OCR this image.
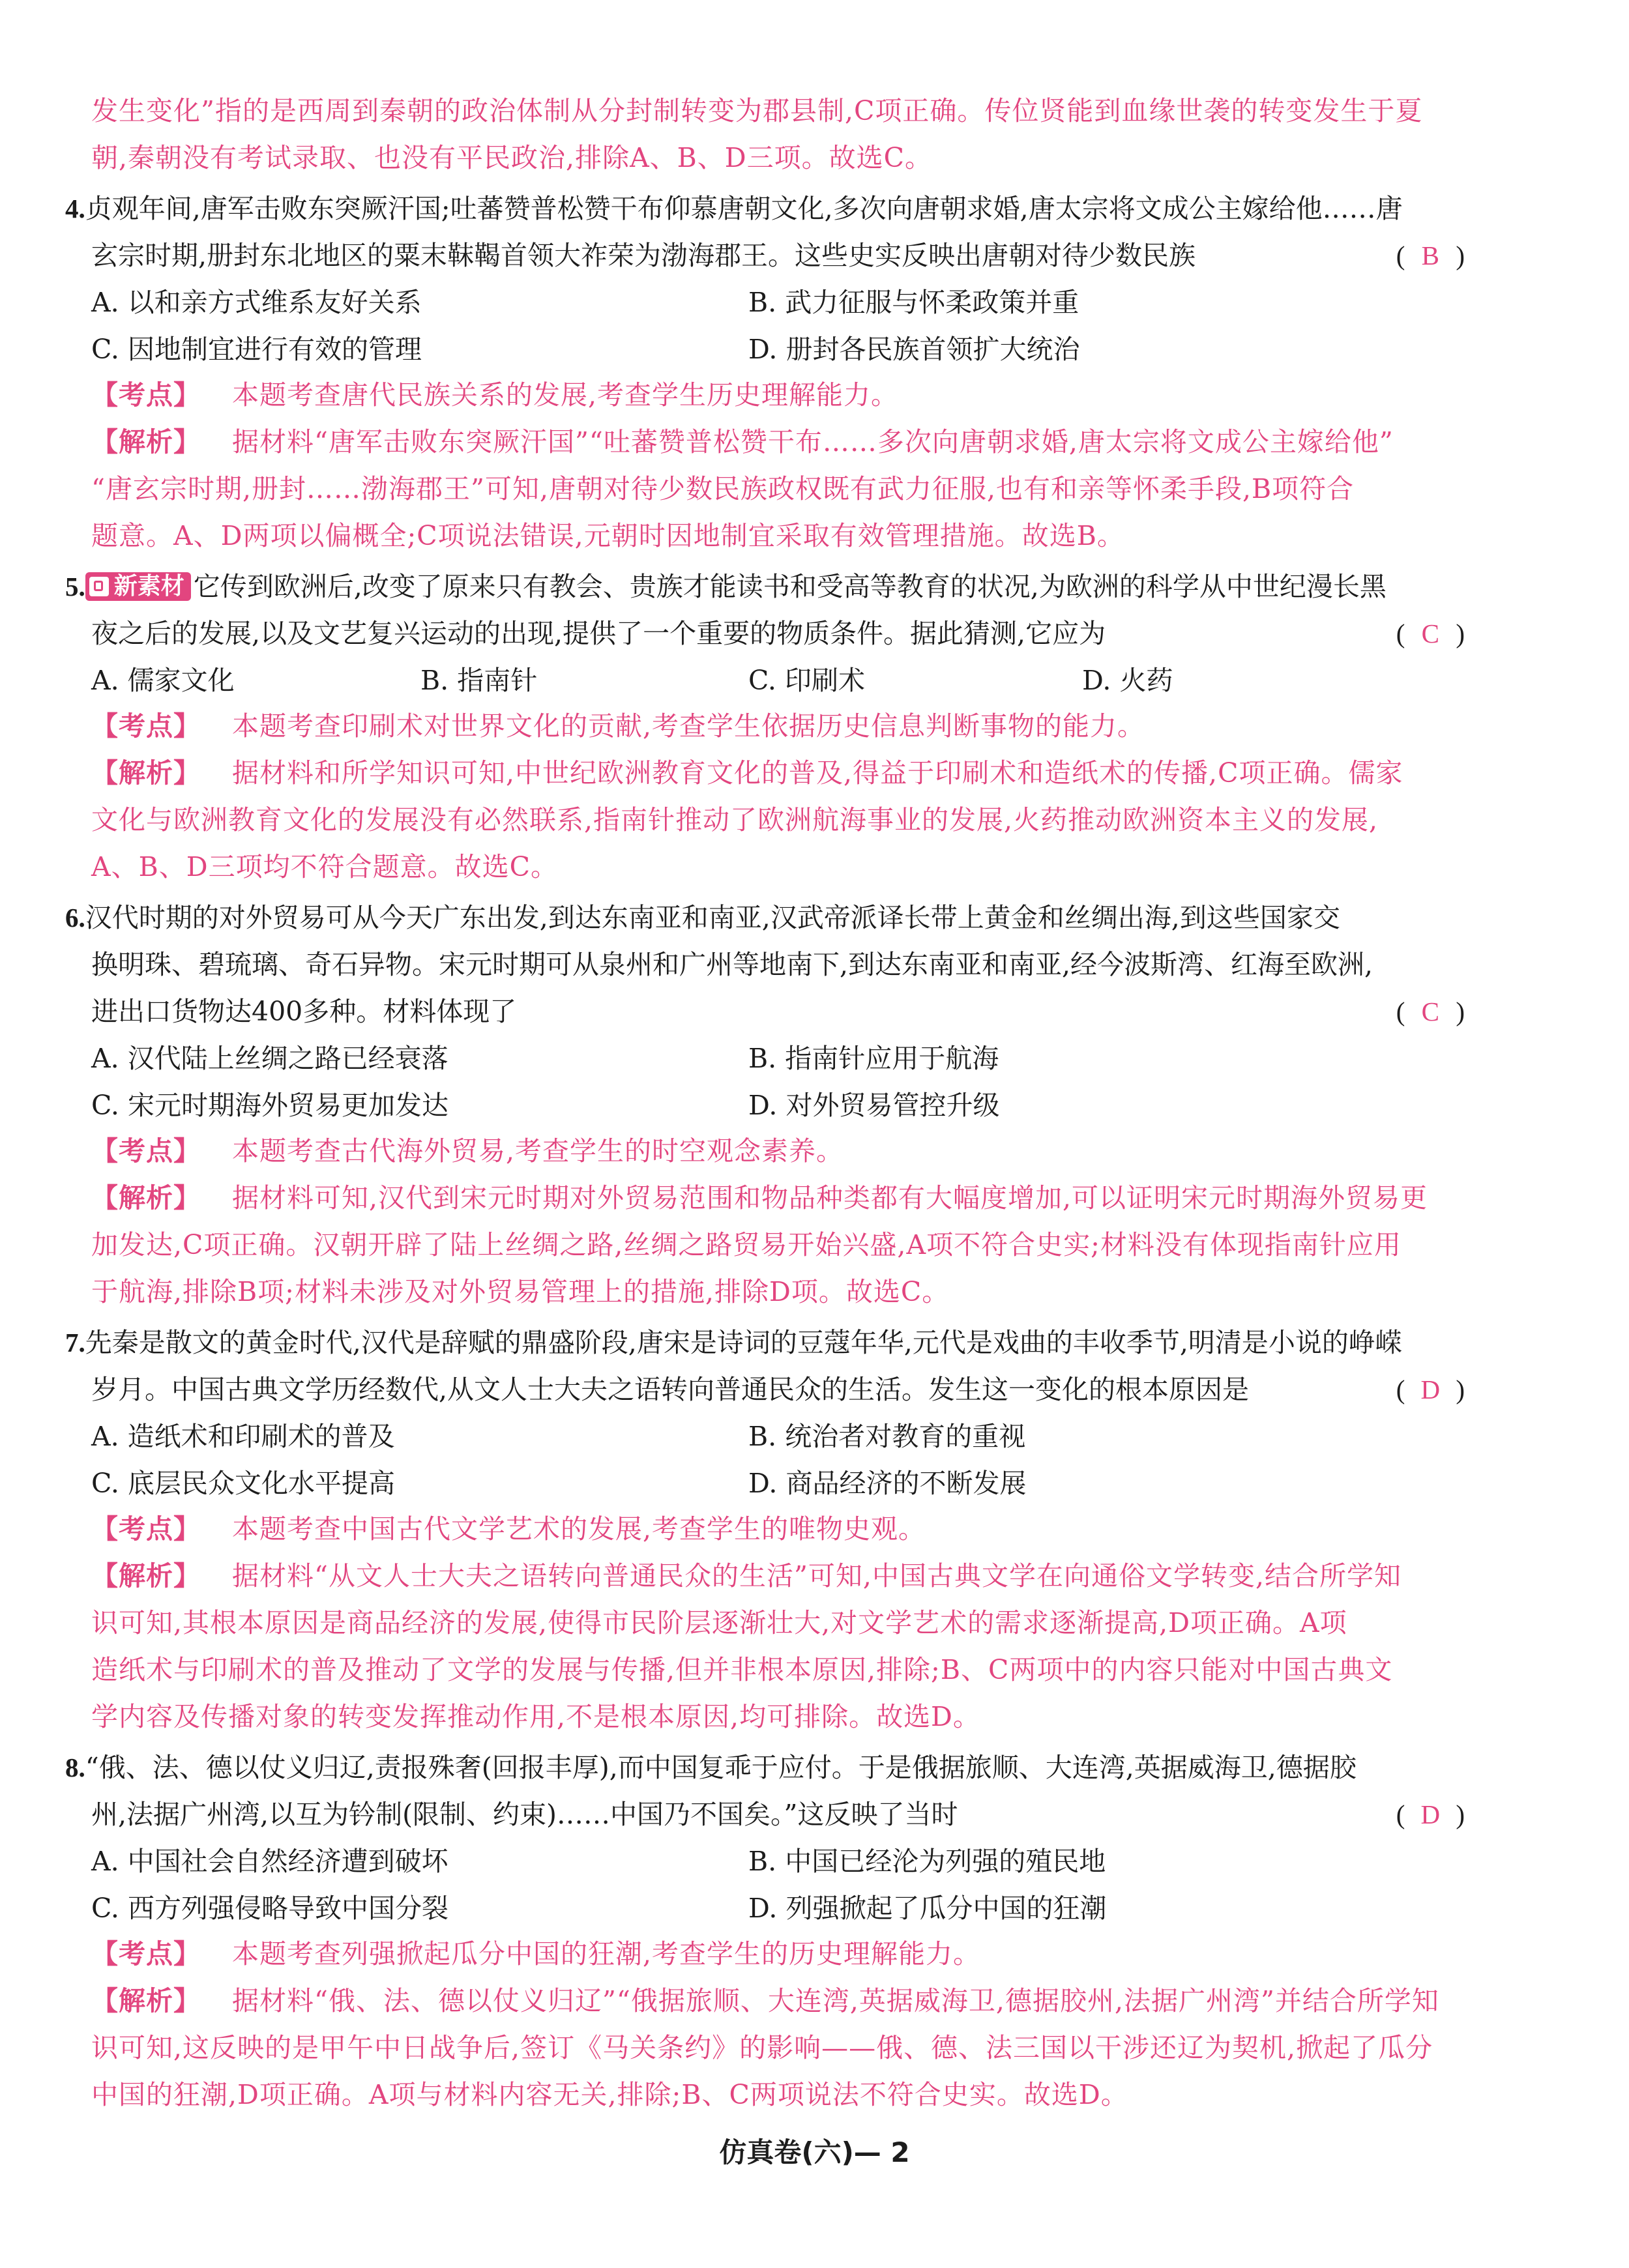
发生变化”指的是西周到秦朝的政治体制从分封制转变为郡县制,C项正确。传位贤能到血缘世袭的转变发生于夏
朝,秦朝没有考试录取、也没有平民政治,排除A、B、D三项。故选C。
4.贞观年间,唐军击败东突厥汗国;吐蕃赞普松赞干布仰慕唐朝文化,多次向唐朝求婚,唐太宗将文成公主嫁给他……唐
玄宗时期,册封东北地区的粟末靺鞨首领大祚荣为渤海郡王。这些史实反映出唐朝对待少数民族	( B )
A. 以和亲方式维系友好关系	B. 武力征服与怀柔政策并重
C. 因地制宜进行有效的管理	D. 册封各民族首领扩大统治
【考点】 本题考查唐代民族关系的发展,考查学生历史理解能力。
【解析】 据材料“唐军击败东突厥汗国”“吐蕃赞普松赞干布……多次向唐朝求婚,唐太宗将文成公主嫁给他”
“唐玄宗时期,册封……渤海郡王”可知,唐朝对待少数民族政权既有武力征服,也有和亲等怀柔手段,B项符合
题意。A、D两项以偏概全;C项说法错误,元朝时因地制宜采取有效管理措施。故选B。
5. 新素材 它传到欧洲后,改变了原来只有教会、贵族才能读书和受高等教育的状况,为欧洲的科学从中世纪漫长黑
夜之后的发展,以及文艺复兴运动的出现,提供了一个重要的物质条件。据此猜测,它应为	( C )
A. 儒家文化	B. 指南针	C. 印刷术	D. 火药
【考点】 本题考查印刷术对世界文化的贡献,考查学生依据历史信息判断事物的能力。
【解析】 据材料和所学知识可知,中世纪欧洲教育文化的普及,得益于印刷术和造纸术的传播,C项正确。儒家
文化与欧洲教育文化的发展没有必然联系,指南针推动了欧洲航海事业的发展,火药推动欧洲资本主义的发展,
A、B、D三项均不符合题意。故选C。
6.汉代时期的对外贸易可从今天广东出发,到达东南亚和南亚,汉武帝派译长带上黄金和丝绸出海,到这些国家交
换明珠、碧琉璃、奇石异物。宋元时期可从泉州和广州等地南下,到达东南亚和南亚,经今波斯湾、红海至欧洲,
进出口货物达400多种。材料体现了	( C )
A. 汉代陆上丝绸之路已经衰落	B. 指南针应用于航海
C. 宋元时期海外贸易更加发达	D. 对外贸易管控升级
【考点】 本题考查古代海外贸易,考查学生的时空观念素养。
【解析】 据材料可知,汉代到宋元时期对外贸易范围和物品种类都有大幅度增加,可以证明宋元时期海外贸易更
加发达,C项正确。汉朝开辟了陆上丝绸之路,丝绸之路贸易开始兴盛,A项不符合史实;材料没有体现指南针应用
于航海,排除B项;材料未涉及对外贸易管理上的措施,排除D项。故选C。
7.先秦是散文的黄金时代,汉代是辞赋的鼎盛阶段,唐宋是诗词的豆蔻年华,元代是戏曲的丰收季节,明清是小说的峥嵘
岁月。中国古典文学历经数代,从文人士大夫之语转向普通民众的生活。发生这一变化的根本原因是	( D )
A. 造纸术和印刷术的普及	B. 统治者对教育的重视
C. 底层民众文化水平提高	D. 商品经济的不断发展
【考点】 本题考查中国古代文学艺术的发展,考查学生的唯物史观。
【解析】 据材料“从文人士大夫之语转向普通民众的生活”可知,中国古典文学在向通俗文学转变,结合所学知
识可知,其根本原因是商品经济的发展,使得市民阶层逐渐壮大,对文学艺术的需求逐渐提高,D项正确。A项
造纸术与印刷术的普及推动了文学的发展与传播,但并非根本原因,排除;B、C两项中的内容只能对中国古典文
学内容及传播对象的转变发挥推动作用,不是根本原因,均可排除。故选D。
8.“俄、法、德以仗义归辽,责报殊奢(回报丰厚),而中国复乖于应付。于是俄据旅顺、大连湾,英据威海卫,德据胶
州,法据广州湾,以互为钤制(限制、约束)……中国乃不国矣。”这反映了当时	( D )
A. 中国社会自然经济遭到破坏	B. 中国已经沦为列强的殖民地
C. 西方列强侵略导致中国分裂	D. 列强掀起了瓜分中国的狂潮
【考点】 本题考查列强掀起瓜分中国的狂潮,考查学生的历史理解能力。
【解析】 据材料“俄、法、德以仗义归辽”“俄据旅顺、大连湾,英据威海卫,德据胶州,法据广州湾”并结合所学知
识可知,这反映的是甲午中日战争后,签订《马关条约》的影响——俄、德、法三国以干涉还辽为契机,掀起了瓜分
中国的狂潮,D项正确。A项与材料内容无关,排除;B、C两项说法不符合史实。故选D。
仿真卷(六)— 2
